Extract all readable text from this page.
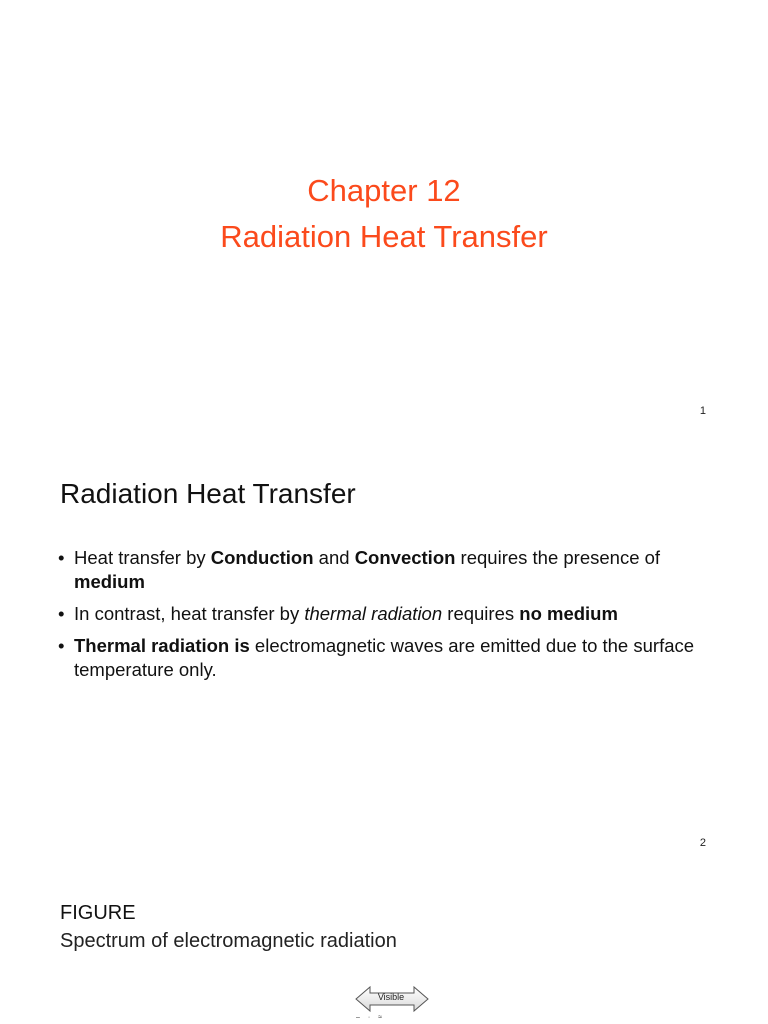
Chapter 12
Radiation Heat Transfer
1
Radiation Heat Transfer
• Heat transfer by Conduction and Convection requires the presence of medium
• In contrast, heat transfer by thermal radiation requires no medium
• Thermal radiation is electromagnetic waves are emitted due to the surface temperature only.
2
FIGURE
Spectrum of electromagnetic radiation
Visible
–·≈
